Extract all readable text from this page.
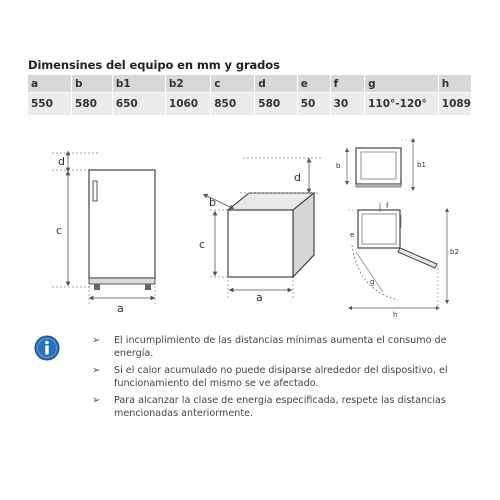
Dimensines del equipo en mm y grados
a	b	b1	b2	c	d	e	f	g	h
550	580	650	1060	850	580	50	30	110°-120°	1089
d
c
a
d
b
c
a
b	b1
f
e
g
b2
h
➢ El incumplimiento de las distancias mínimas aumenta el consumo de energía.
➢ Si el calor acumulado no puede disiparse alrededor del dispositivo, el funcionamiento del mismo se ve afectado.
➢ Para alcanzar la clase de energía especificada, respete las distancias mencionadas anteriormente.
